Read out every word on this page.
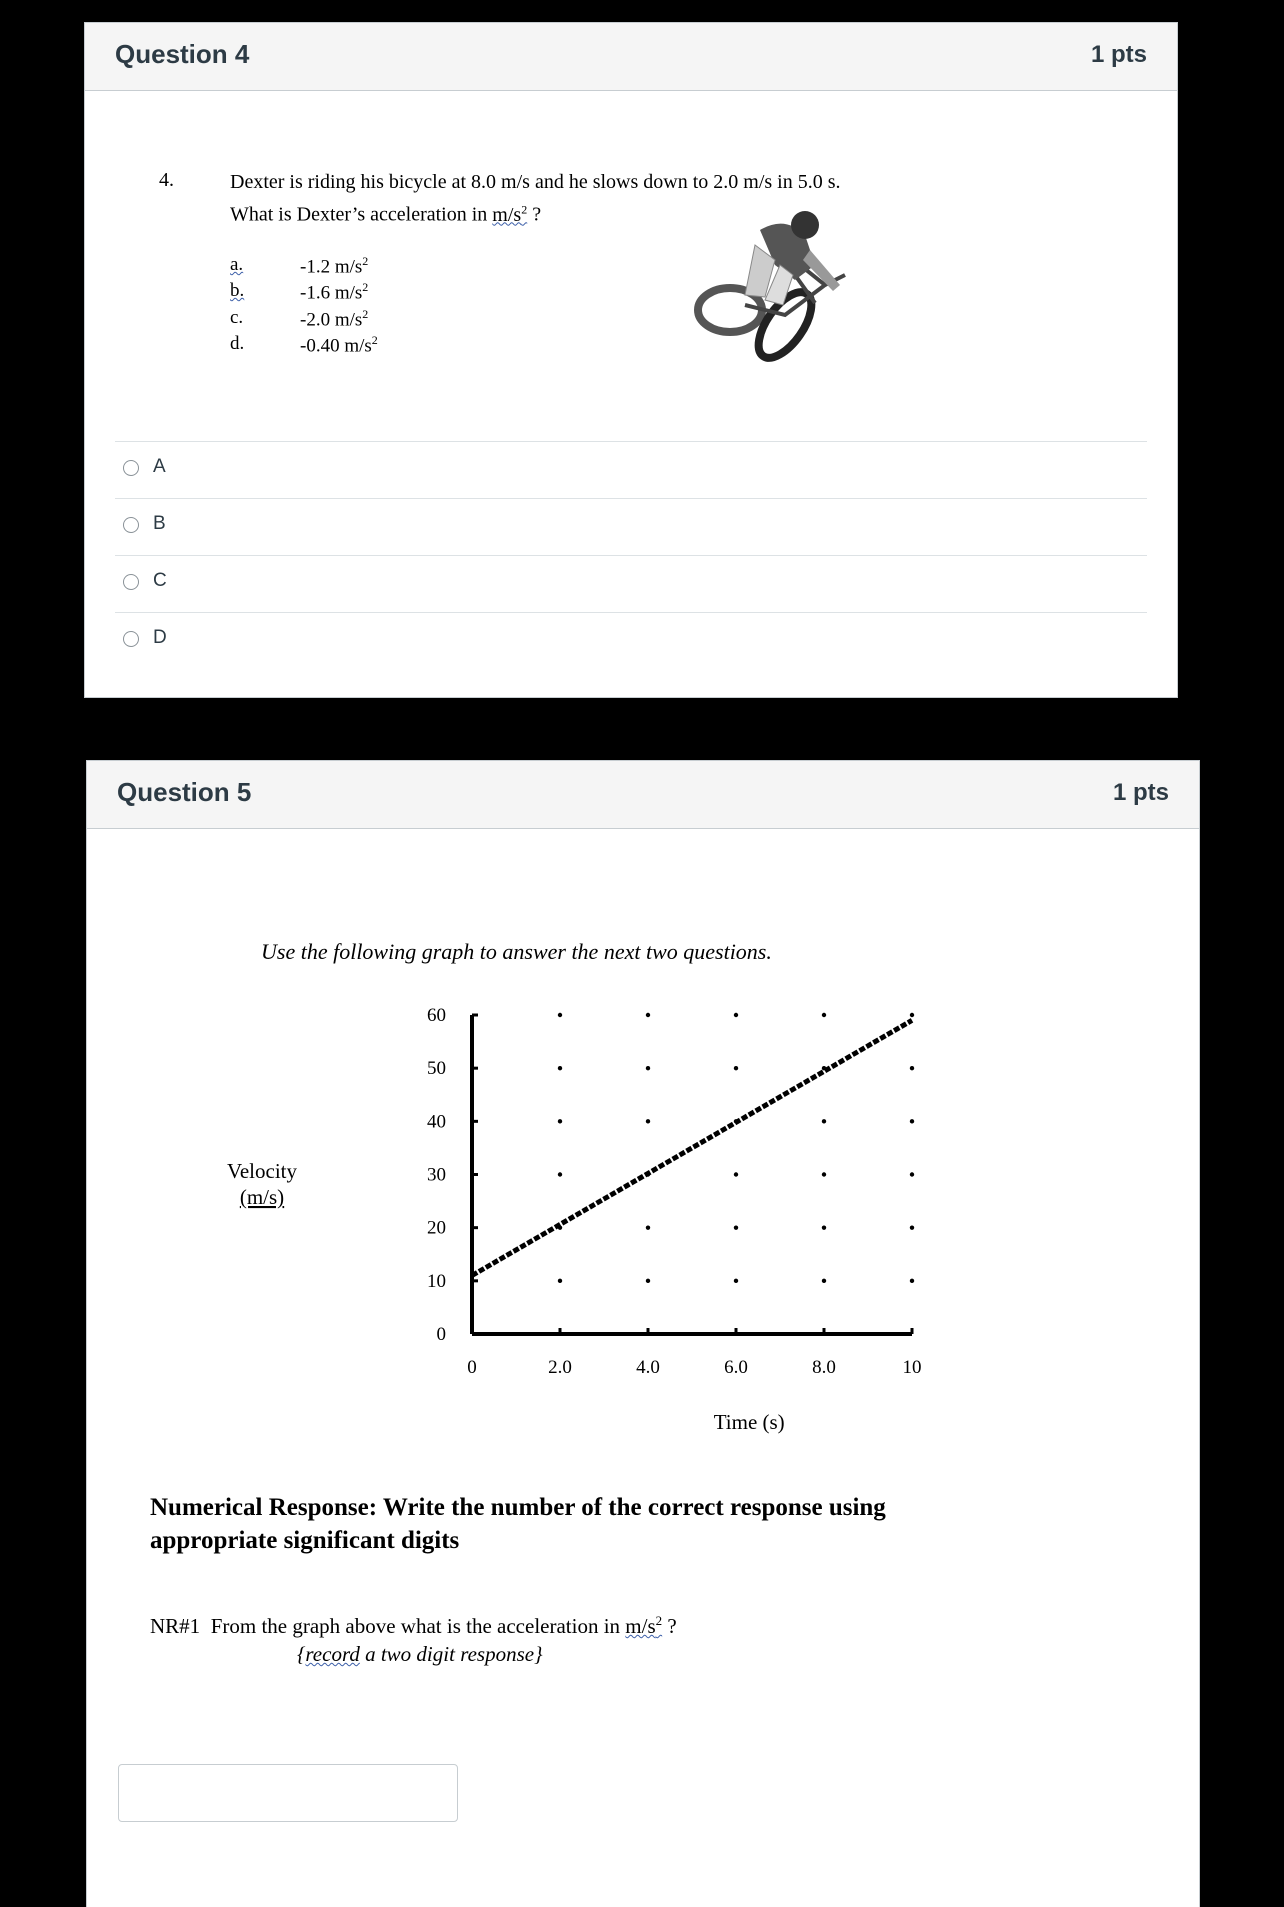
Question 4	1 pts
4.	Dexter is riding his bicycle at 8.0 m/s and he slows down to 2.0 m/s in 5.0 s.
What is Dexter’s acceleration in $m/s^2$ ?
a.	-1.2 $m/s^2$
b.	-1.6 $m/s^2$
c.	-2.0 $m/s^2$
d.	-0.40 $m/s^2$
A
B
C
D
Question 5	1 pts
Use the following graph to answer the next two questions.
Velocity
(m/s)
0
10
20
30
40
50
60
0	2.0	4.0	6.0	8.0	10
Time (s)
Numerical Response: Write the number of the correct response using
appropriate significant digits
NR#1 From the graph above what is the acceleration in $m/s^2$ ?
{record a two digit response}
